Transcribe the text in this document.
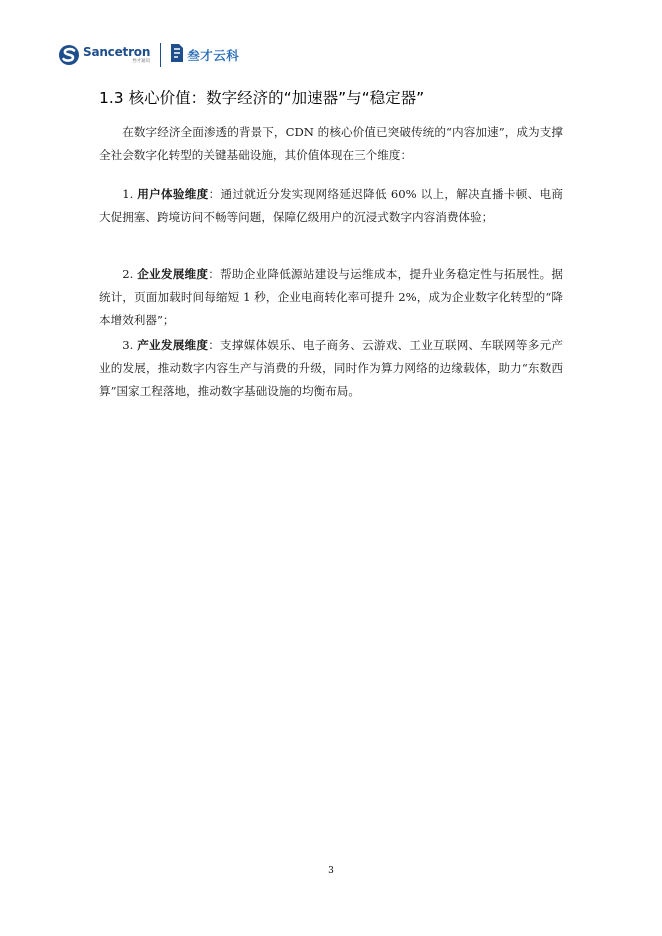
Sancetron
叁才通讯	叁才云科
1.3 核心价值：数字经济的“加速器”与“稳定器”

在数字经济全面渗透的背景下，CDN 的核心价值已突破传统的“内容加速”，成为支撑全社会数字化转型的关键基础设施，其价值体现在三个维度：

1. 用户体验维度：通过就近分发实现网络延迟降低 60% 以上，解决直播卡顿、电商大促拥塞、跨境访问不畅等问题，保障亿级用户的沉浸式数字内容消费体验；

2. 企业发展维度：帮助企业降低源站建设与运维成本，提升业务稳定性与拓展性。据统计，页面加载时间每缩短 1 秒，企业电商转化率可提升 2%，成为企业数字化转型的“降本增效利器”；

3. 产业发展维度：支撑媒体娱乐、电子商务、云游戏、工业互联网、车联网等多元产业的发展，推动数字内容生产与消费的升级，同时作为算力网络的边缘载体，助力“东数西算”国家工程落地，推动数字基础设施的均衡布局。

3
